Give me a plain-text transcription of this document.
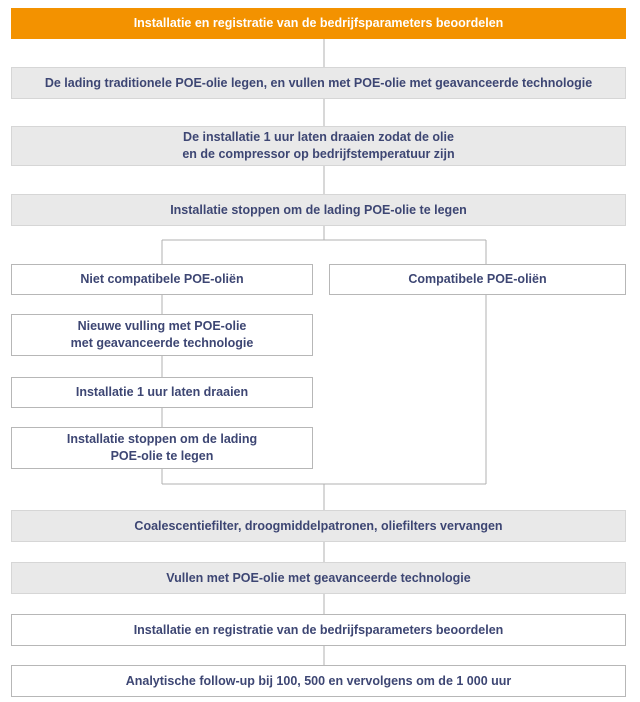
Installatie en registratie van de bedrijfsparameters beoordelen
De lading traditionele POE-olie legen, en vullen met POE-olie met geavanceerde technologie
De installatie 1 uur laten draaien zodat de olie
en de compressor op bedrijfstemperatuur zijn
Installatie stoppen om de lading POE-olie te legen
Niet compatibele POE-oliën	Compatibele POE-oliën
Nieuwe vulling met POE-olie
met geavanceerde technologie
Installatie 1 uur laten draaien
Installatie stoppen om de lading
POE-olie te legen
Coalescentiefilter, droogmiddelpatronen, oliefilters vervangen
Vullen met POE-olie met geavanceerde technologie
Installatie en registratie van de bedrijfsparameters beoordelen
Analytische follow-up bij 100, 500 en vervolgens om de 1 000 uur
